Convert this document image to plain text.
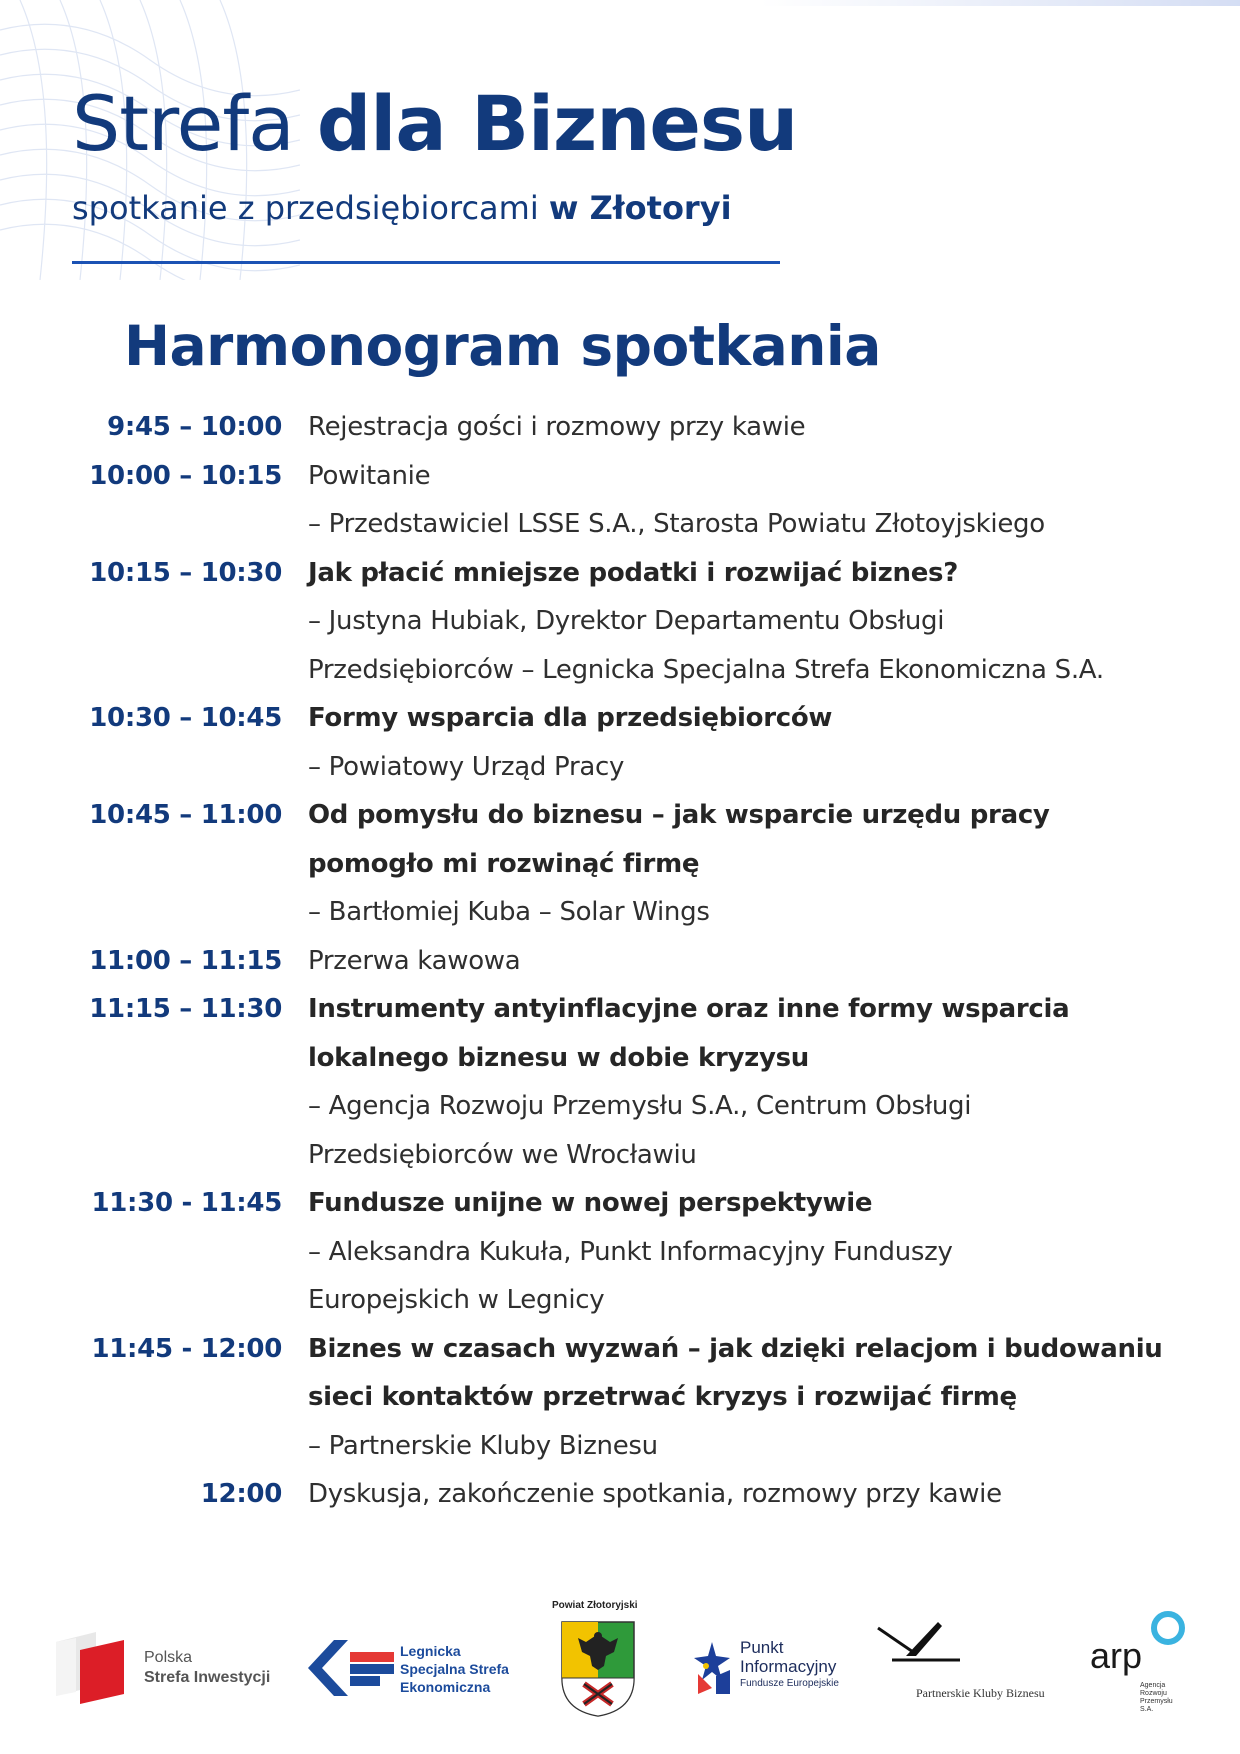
Strefa dla Biznesu

spotkanie z przedsiębiorcami w Złotoryi

Harmonogram spotkania
9:45 – 10:00 Rejestracja gości i rozmowy przy kawie
10:00 – 10:15 Powitanie
– Przedstawiciel LSSE S.A., Starosta Powiatu Złotoyjskiego
10:15 – 10:30 Jak płacić mniejsze podatki i rozwijać biznes?
– Justyna Hubiak, Dyrektor Departamentu Obsługi
Przedsiębiorców – Legnicka Specjalna Strefa Ekonomiczna S.A.
10:30 – 10:45 Formy wsparcia dla przedsiębiorców
– Powiatowy Urząd Pracy
10:45 – 11:00 Od pomysłu do biznesu – jak wsparcie urzędu pracy
pomogło mi rozwinąć firmę
– Bartłomiej Kuba – Solar Wings
11:00 – 11:15 Przerwa kawowa
11:15 – 11:30 Instrumenty antyinflacyjne oraz inne formy wsparcia
lokalnego biznesu w dobie kryzysu
– Agencja Rozwoju Przemysłu S.A., Centrum Obsługi
Przedsiębiorców we Wrocławiu
11:30 - 11:45 Fundusze unijne w nowej perspektywie
– Aleksandra Kukuła, Punkt Informacyjny Funduszy
Europejskich w Legnicy
11:45 - 12:00 Biznes w czasach wyzwań – jak dzięki relacjom i budowaniu
sieci kontaktów przetrwać kryzys i rozwijać firmę
– Partnerskie Kluby Biznesu
12:00 Dyskusja, zakończenie spotkania, rozmowy przy kawie
Polska
Strefa Inwestycji
Legnicka
Specjalna Strefa
Ekonomiczna
Powiat Złotoryjski
Punkt
Informacyjny
Fundusze Europejskie
Partnerskie Kluby Biznesu
arp
Agencja
Rozwoju
Przemysłu
S.A.
